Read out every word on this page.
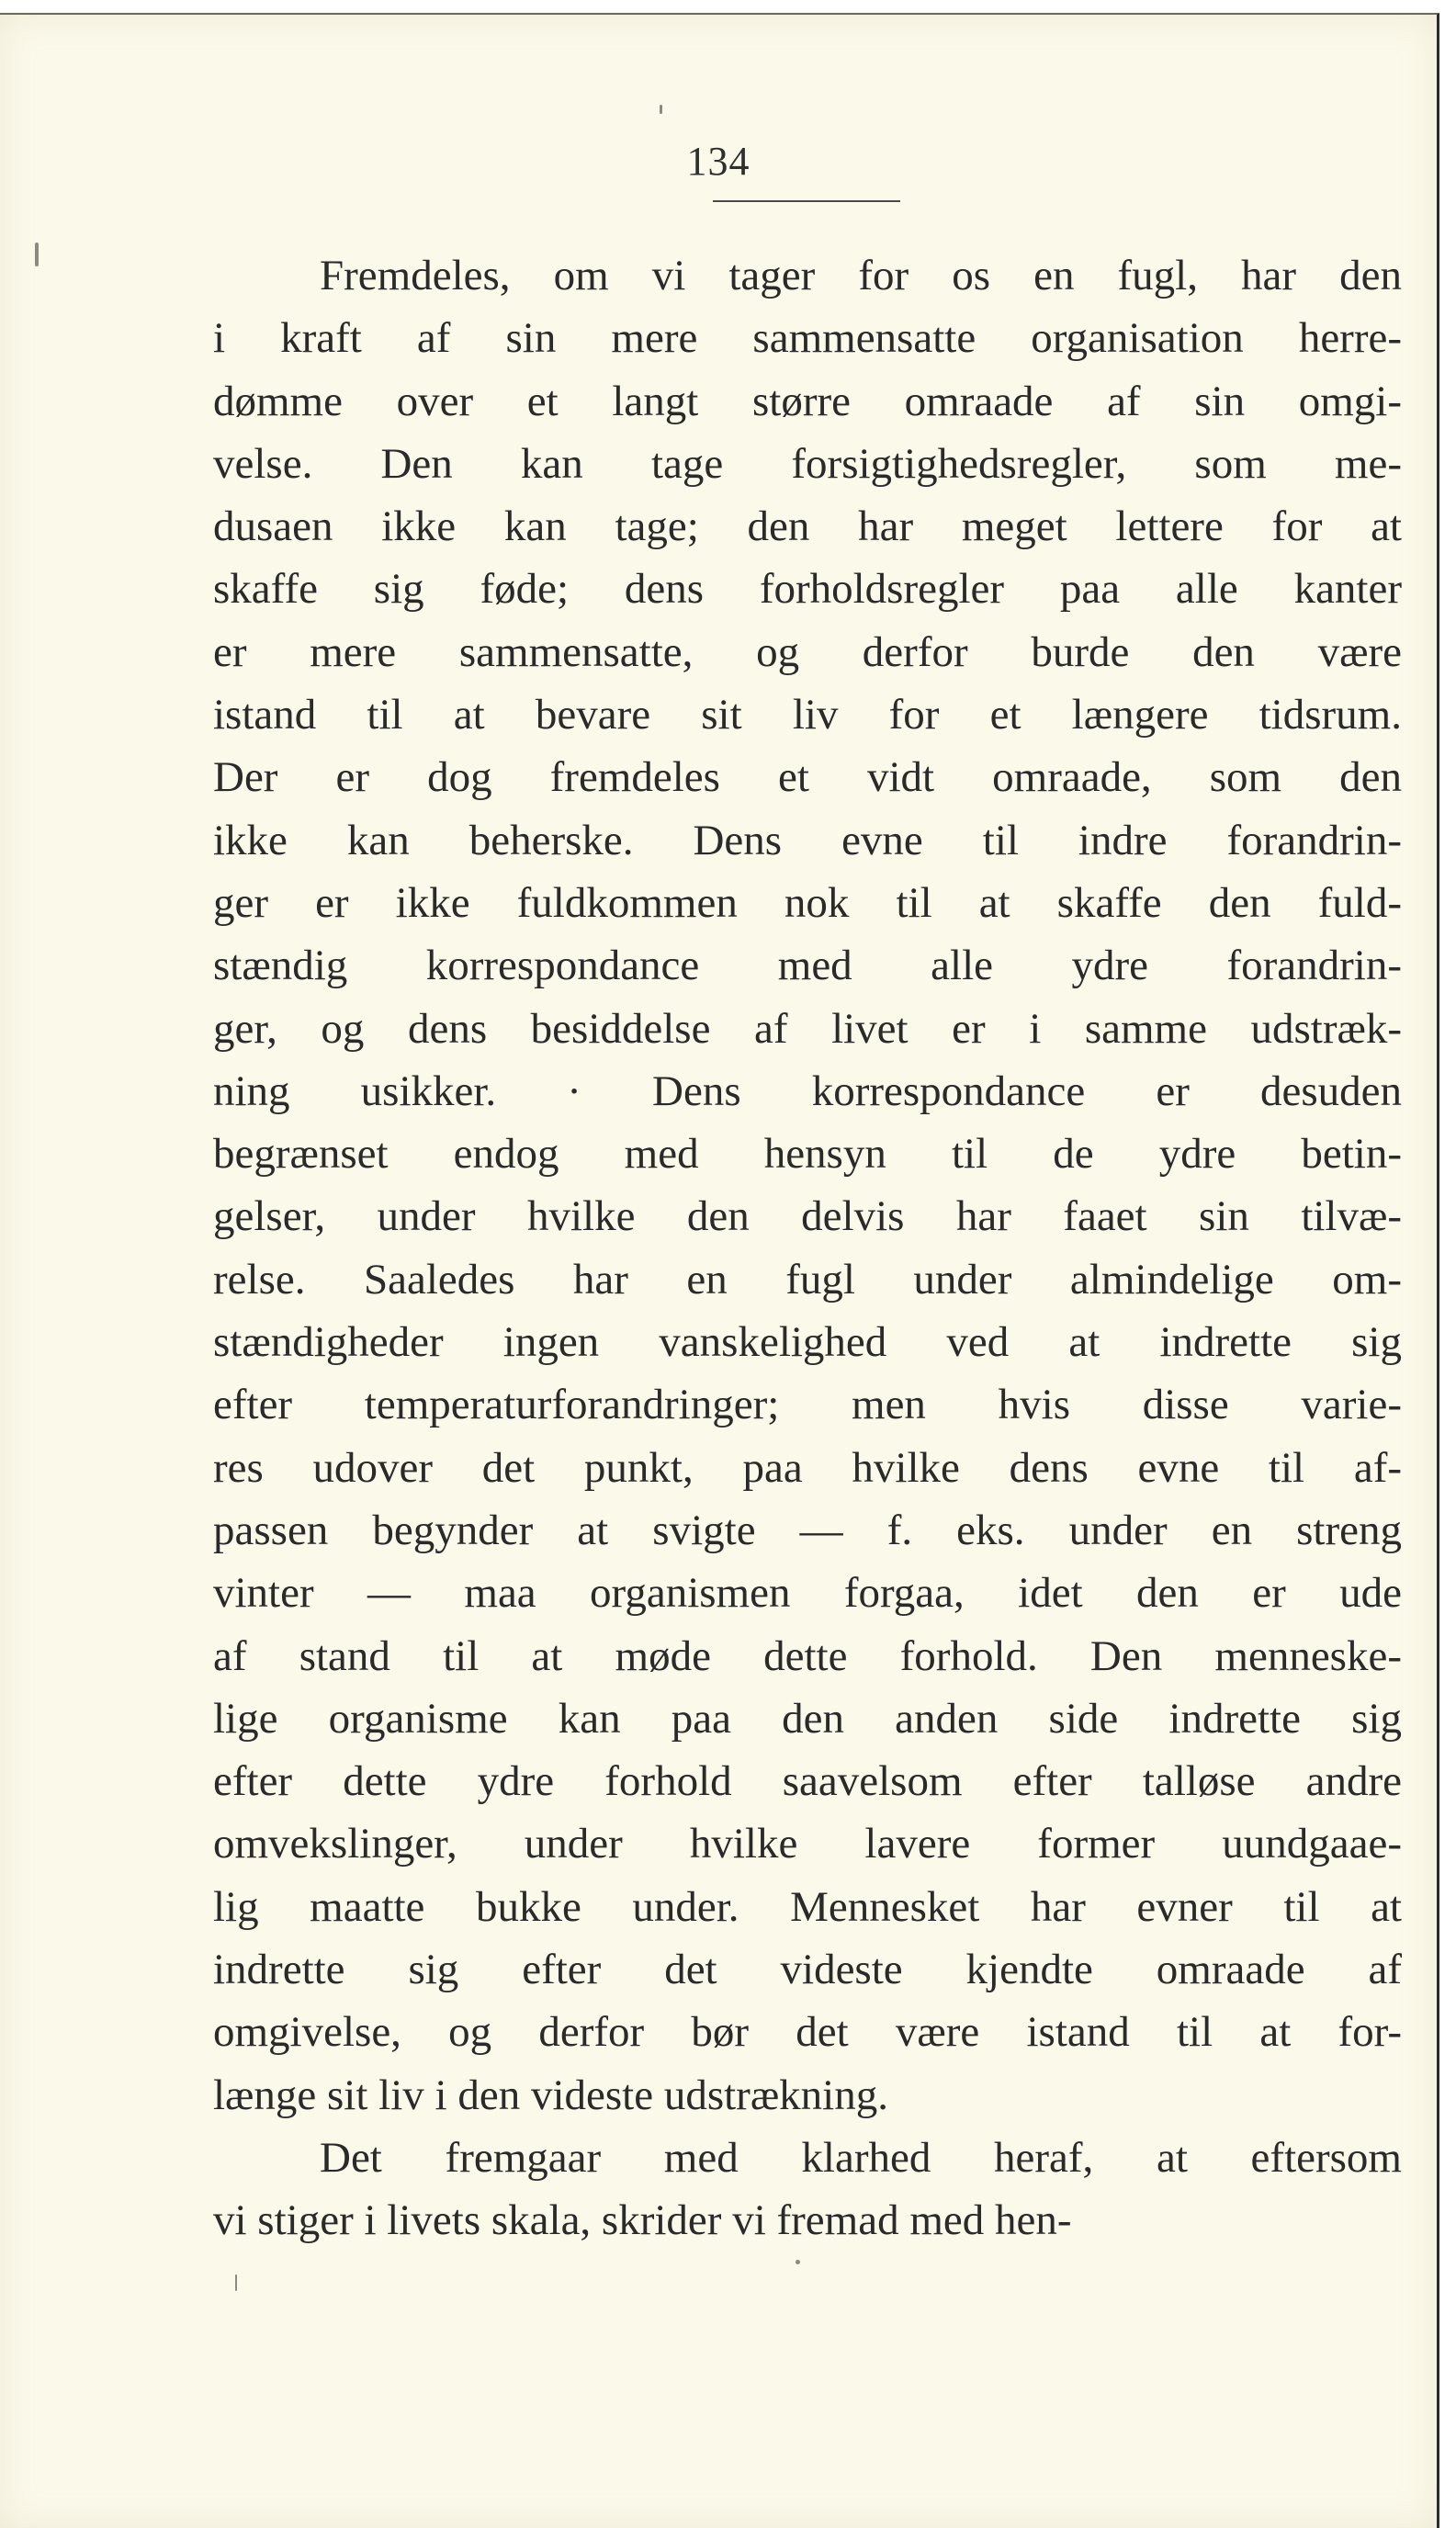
134
Fremdeles, om vi tager for os en fugl, har den
i kraft af sin mere sammensatte organisation herre-
dømme over et langt større omraade af sin omgi-
velse. Den kan tage forsigtighedsregler, som me-
dusaen ikke kan tage; den har meget lettere for at
skaffe sig føde; dens forholdsregler paa alle kanter
er mere sammensatte, og derfor burde den være
istand til at bevare sit liv for et længere tidsrum.
Der er dog fremdeles et vidt omraade, som den
ikke kan beherske. Dens evne til indre forandrin-
ger er ikke fuldkommen nok til at skaffe den fuld-
stændig korrespondance med alle ydre forandrin-
ger, og dens besiddelse af livet er i samme udstræk-
ning usikker. · Dens korrespondance er desuden
begrænset endog med hensyn til de ydre betin-
gelser, under hvilke den delvis har faaet sin tilvæ-
relse. Saaledes har en fugl under almindelige om-
stændigheder ingen vanskelighed ved at indrette sig
efter temperaturforandringer; men hvis disse varie-
res udover det punkt, paa hvilke dens evne til af-
passen begynder at svigte — f. eks. under en streng
vinter — maa organismen forgaa, idet den er ude
af stand til at møde dette forhold. Den menneske-
lige organisme kan paa den anden side indrette sig
efter dette ydre forhold saavelsom efter talløse andre
omvekslinger, under hvilke lavere former uundgaae-
lig maatte bukke under. Mennesket har evner til at
indrette sig efter det videste kjendte omraade af
omgivelse, og derfor bør det være istand til at for-
længe sit liv i den videste udstrækning.
Det fremgaar med klarhed heraf, at eftersom
vi stiger i livets skala, skrider vi fremad med hen-
